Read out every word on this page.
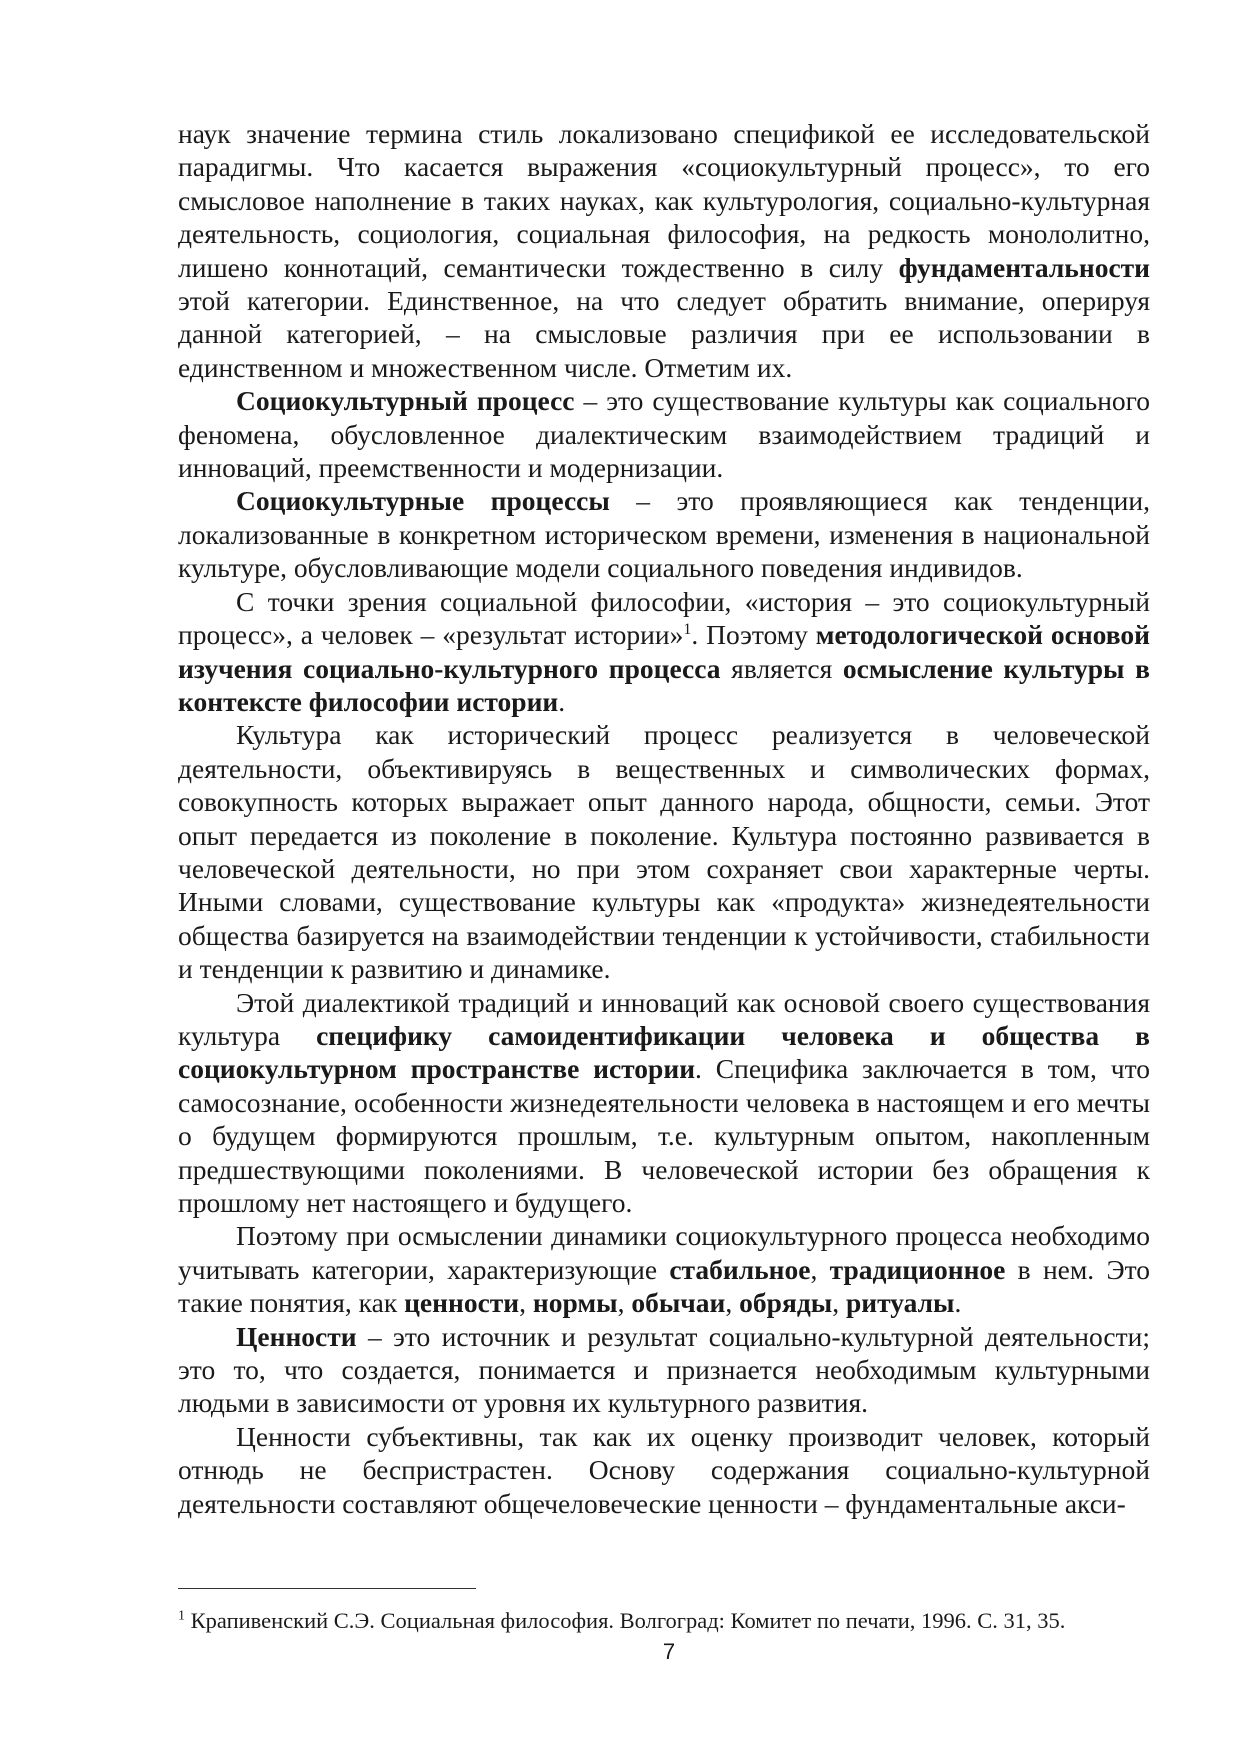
наук значение термина стиль локализовано спецификой ее исследовательской парадигмы. Что касается выражения «социокультурный процесс», то его смысловое наполнение в таких науках, как культурология, социально-культурная деятельность, социология, социальная философия, на редкость монололитно, лишено коннотаций, семантически тождественно в силу фундаментальности этой категории. Единственное, на что следует обратить внимание, оперируя данной категорией, – на смысловые различия при ее использовании в единственном и множественном числе. Отметим их.

Социокультурный процесс – это существование культуры как социального феномена, обусловленное диалектическим взаимодействием традиций и инноваций, преемственности и модернизации.

Социокультурные процессы – это проявляющиеся как тенденции, локализованные в конкретном историческом времени, изменения в национальной культуре, обусловливающие модели социального поведения индивидов.

С точки зрения социальной философии, «история – это социокультурный процесс», а человек – «результат истории»$^1$. Поэтому методологической основой изучения социально-культурного процесса является осмысление культуры в контексте философии истории.

Культура как исторический процесс реализуется в человеческой деятельности, объективируясь в вещественных и символических формах, совокупность которых выражает опыт данного народа, общности, семьи. Этот опыт передается из поколение в поколение. Культура постоянно развивается в человеческой деятельности, но при этом сохраняет свои характерные черты. Иными словами, существование культуры как «продукта» жизнедеятельности общества базируется на взаимодействии тенденции к устойчивости, стабильности и тенденции к развитию и динамике.

Этой диалектикой традиций и инноваций как основой своего существования культура специфику самоидентификации человека и общества в социокультурном пространстве истории. Специфика заключается в том, что самосознание, особенности жизнедеятельности человека в настоящем и его мечты о будущем формируются прошлым, т.е. культурным опытом, накопленным предшествующими поколениями. В человеческой истории без обращения к прошлому нет настоящего и будущего.

Поэтому при осмыслении динамики социокультурного процесса необходимо учитывать категории, характеризующие стабильное, традиционное в нем. Это такие понятия, как ценности, нормы, обычаи, обряды, ритуалы.

Ценности – это источник и результат социально-культурной деятельности; это то, что создается, понимается и признается необходимым культурными людьми в зависимости от уровня их культурного развития.

Ценности субъективны, так как их оценку производит человек, который отнюдь не беспристрастен. Основу содержания социально-культурной деятельности составляют общечеловеческие ценности – фундаментальные акси-

$^1$ Крапивенский С.Э. Социальная философия. Волгоград: Комитет по печати, 1996. С. 31, 35.
7
